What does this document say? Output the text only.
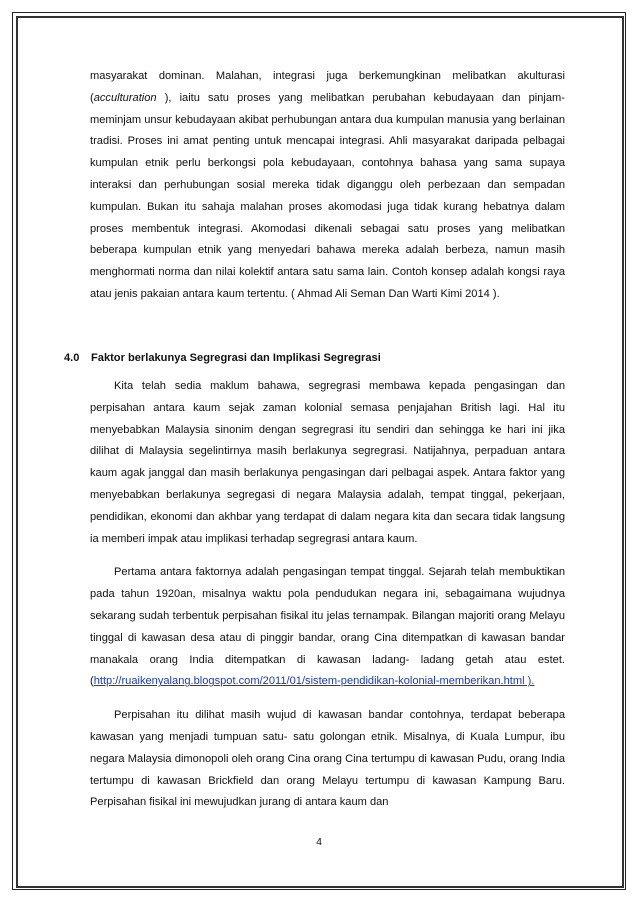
masyarakat dominan. Malahan, integrasi juga berkemungkinan melibatkan akulturasi (acculturation ), iaitu satu proses yang melibatkan perubahan kebudayaan dan pinjam-meminjam unsur kebudayaan akibat perhubungan antara dua kumpulan manusia yang berlainan tradisi. Proses ini amat penting untuk mencapai integrasi. Ahli masyarakat daripada pelbagai kumpulan etnik perlu berkongsi pola kebudayaan, contohnya bahasa yang sama supaya interaksi dan perhubungan sosial mereka tidak diganggu oleh perbezaan dan sempadan kumpulan. Bukan itu sahaja malahan proses akomodasi juga tidak kurang hebatnya dalam proses membentuk integrasi. Akomodasi dikenali sebagai satu proses yang melibatkan beberapa kumpulan etnik yang menyedari bahawa mereka adalah berbeza, namun masih menghormati norma dan nilai kolektif antara satu sama lain. Contoh konsep adalah kongsi raya atau jenis pakaian antara kaum tertentu. ( Ahmad Ali Seman Dan Warti Kimi 2014 ).

4.0 Faktor berlakunya Segregrasi dan Implikasi Segregrasi

Kita telah sedia maklum bahawa, segregrasi membawa kepada pengasingan dan perpisahan antara kaum sejak zaman kolonial semasa penjajahan British lagi. Hal itu menyebabkan Malaysia sinonim dengan segregrasi itu sendiri dan sehingga ke hari ini jika dilihat di Malaysia segelintirnya masih berlakunya segregrasi. Natijahnya, perpaduan antara kaum agak janggal dan masih berlakunya pengasingan dari pelbagai aspek. Antara faktor yang menyebabkan berlakunya segregasi di negara Malaysia adalah, tempat tinggal, pekerjaan, pendidikan, ekonomi dan akhbar yang terdapat di dalam negara kita dan secara tidak langsung ia memberi impak atau implikasi terhadap segregrasi antara kaum.

Pertama antara faktornya adalah pengasingan tempat tinggal. Sejarah telah membuktikan pada tahun 1920an, misalnya waktu pola pendudukan negara ini, sebagaimana wujudnya sekarang sudah terbentuk perpisahan fisikal itu jelas ternampak. Bilangan majoriti orang Melayu tinggal di kawasan desa atau di pinggir bandar, orang Cina ditempatkan di kawasan bandar manakala orang India ditempatkan di kawasan ladang- ladang getah atau estet. (http://ruaikenyalang.blogspot.com/2011/01/sistem-pendidikan-kolonial-memberikan.html ).

Perpisahan itu dilihat masih wujud di kawasan bandar contohnya, terdapat beberapa kawasan yang menjadi tumpuan satu- satu golongan etnik. Misalnya, di Kuala Lumpur, ibu negara Malaysia dimonopoli oleh orang Cina orang Cina tertumpu di kawasan Pudu, orang India tertumpu di kawasan Brickfield dan orang Melayu tertumpu di kawasan Kampung Baru. Perpisahan fisikal ini mewujudkan jurang di antara kaum dan

4
